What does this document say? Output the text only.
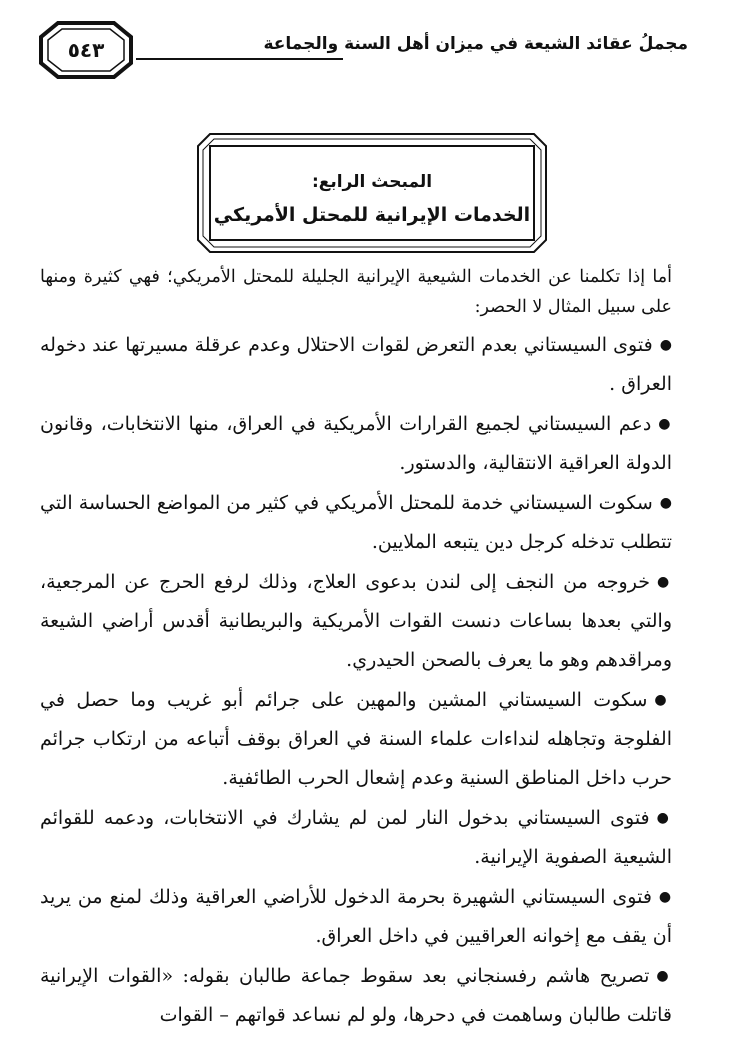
٥٤٣	مجملُ عقائد الشيعة في ميزان أهل السنة والجماعة
المبحث الرابع:
الخدمات الإيرانية للمحتل الأمريكي

أما إذا تكلمنا عن الخدمات الشيعية الإيرانية الجليلة للمحتل الأمريكي؛ فهي كثيرة ومنها على سبيل المثال لا الحصر:

●فتوى السيستاني بعدم التعرض لقوات الاحتلال وعدم عرقلة مسيرتها عند دخوله العراق .

●دعم السيستاني لجميع القرارات الأمريكية في العراق، منها الانتخابات، وقانون الدولة العراقية الانتقالية، والدستور.

●سكوت السيستاني خدمة للمحتل الأمريكي في كثير من المواضع الحساسة التي تتطلب تدخله كرجل دين يتبعه الملايين.

●خروجه من النجف إلى لندن بدعوى العلاج، وذلك لرفع الحرج عن المرجعية، والتي بعدها بساعات دنست القوات الأمريكية والبريطانية أقدس أراضي الشيعة ومراقدهم وهو ما يعرف بالصحن الحيدري.

●سكوت السيستاني المشين والمهين على جرائم أبو غريب وما حصل في الفلوجة وتجاهله لنداءات علماء السنة في العراق بوقف أتباعه من ارتكاب جرائم حرب داخل المناطق السنية وعدم إشعال الحرب الطائفية.

●فتوى السيستاني بدخول النار لمن لم يشارك في الانتخابات، ودعمه للقوائم الشيعية الصفوية الإيرانية.

●فتوى السيستاني الشهيرة بحرمة الدخول للأراضي العراقية وذلك لمنع من يريد أن يقف مع إخوانه العراقيين في داخل العراق.

●تصريح هاشم رفسنجاني بعد سقوط جماعة طالبان بقوله: «القوات الإيرانية قاتلت طالبان وساهمت في دحرها، ولو لم نساعد قواتهم – القوات
